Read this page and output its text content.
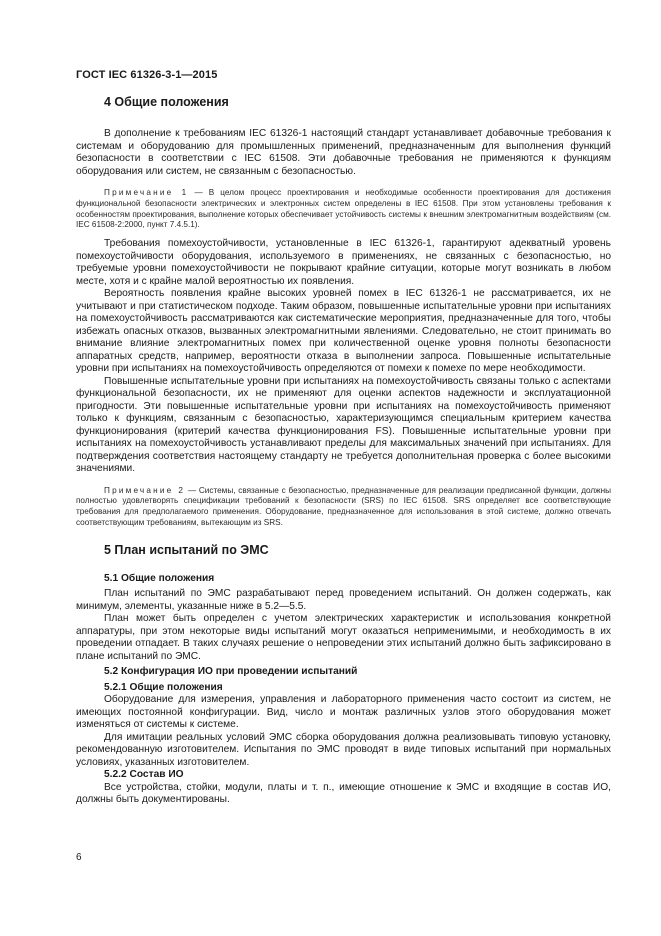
ГОСТ IEC 61326-3-1—2015
4 Общие положения

В дополнение к требованиям IEC 61326-1 настоящий стандарт устанавливает добавочные требования к системам и оборудованию для промышленных применений, предназначенным для выполнения функций безопасности в соответствии с IEC 61508. Эти добавочные требования не применяются к функциям оборудования или систем, не связанным с безопасностью.

Примечание 1 — В целом процесс проектирования и необходимые особенности проектирования для достижения функциональной безопасности электрических и электронных систем определены в IEC 61508. При этом установлены требования к особенностям проектирования, выполнение которых обеспечивает устойчивость системы к внешним электромагнитным воздействиям (см. IEC 61508-2:2000, пункт 7.4.5.1).

Требования помехоустойчивости, установленные в IEC 61326-1, гарантируют адекватный уровень помехоустойчивости оборудования, используемого в применениях, не связанных с безопасностью, но требуемые уровни помехоустойчивости не покрывают крайние ситуации, которые могут возникать в любом месте, хотя и с крайне малой вероятностью их появления.

Вероятность появления крайне высоких уровней помех в IEC 61326-1 не рассматривается, их не учитывают и при статистическом подходе. Таким образом, повышенные испытательные уровни при испытаниях на помехоустойчивость рассматриваются как систематические мероприятия, предназначенные для того, чтобы избежать опасных отказов, вызванных электромагнитными явлениями. Следовательно, не стоит принимать во внимание влияние электромагнитных помех при количественной оценке уровня полноты безопасности аппаратных средств, например, вероятности отказа в выполнении запроса. Повышенные испытательные уровни при испытаниях на помехоустойчивость определяются от помехи к помехе по мере необходимости.

Повышенные испытательные уровни при испытаниях на помехоустойчивость связаны только с аспектами функциональной безопасности, их не применяют для оценки аспектов надежности и эксплуатационной пригодности. Эти повышенные испытательные уровни при испытаниях на помехоустойчивость применяют только к функциям, связанным с безопасностью, характеризующимся специальным критерием качества функционирования (критерий качества функционирования FS). Повышенные испытательные уровни при испытаниях на помехоустойчивость устанавливают пределы для максимальных значений при испытаниях. Для подтверждения соответствия настоящему стандарту не требуется дополнительная проверка с более высокими значениями.

Примечание 2 — Системы, связанные с безопасностью, предназначенные для реализации предписанной функции, должны полностью удовлетворять спецификации требований к безопасности (SRS) по IEC 61508. SRS определяет все соответствующие требования для предполагаемого применения. Оборудование, предназначенное для использования в этой системе, должно отвечать соответствующим требованиям, вытекающим из SRS.

5 План испытаний по ЭМС
5.1 Общие положения

План испытаний по ЭМС разрабатывают перед проведением испытаний. Он должен содержать, как минимум, элементы, указанные ниже в 5.2—5.5.

План может быть определен с учетом электрических характеристик и использования конкретной аппаратуры, при этом некоторые виды испытаний могут оказаться неприменимыми, и необходимость в их проведении отпадает. В таких случаях решение о непроведении этих испытаний должно быть зафиксировано в плане испытаний по ЭМС.

5.2 Конфигурация ИО при проведении испытаний
5.2.1 Общие положения

Оборудование для измерения, управления и лабораторного применения часто состоит из систем, не имеющих постоянной конфигурации. Вид, число и монтаж различных узлов этого оборудования может изменяться от системы к системе.

Для имитации реальных условий ЭМС сборка оборудования должна реализовывать типовую установку, рекомендованную изготовителем. Испытания по ЭМС проводят в виде типовых испытаний при нормальных условиях, указанных изготовителем.

5.2.2 Состав ИО

Все устройства, стойки, модули, платы и т. п., имеющие отношение к ЭМС и входящие в состав ИО, должны быть документированы.

6
